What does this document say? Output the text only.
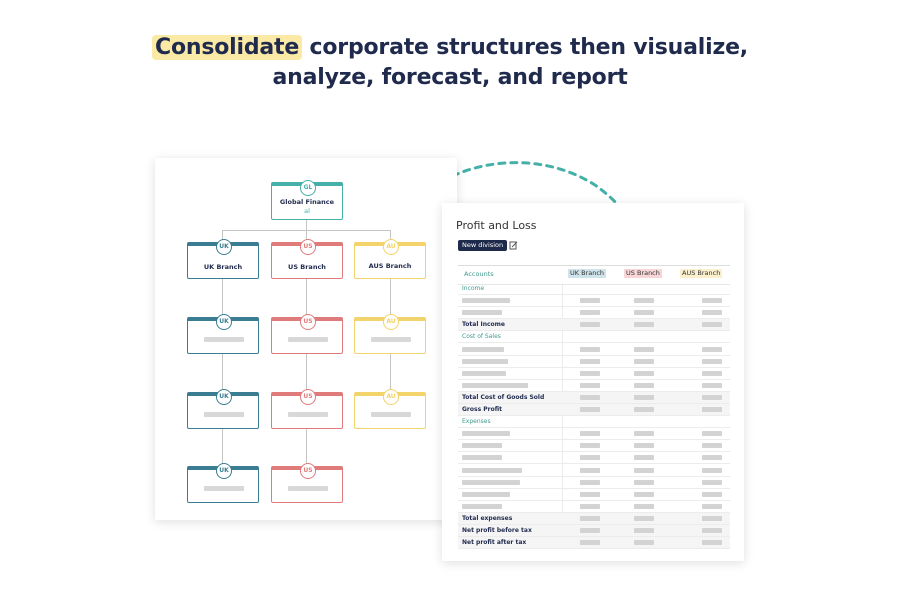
Consolidate corporate structures then visualize,
analyze, forecast, and report
GL
Global Finance
al
UK
UK Branch
US
US Branch
AU
AUS Branch
UK	US	AU
UK	US	AU
UK	US
Profit and Loss
New division
Accounts	UK Branch	US Branch	AUS Branch
Income
Total Income
Cost of Sales
Total Cost of Goods Sold
Gross Profit
Expenses
Total expenses
Net profit before tax
Net profit after tax
